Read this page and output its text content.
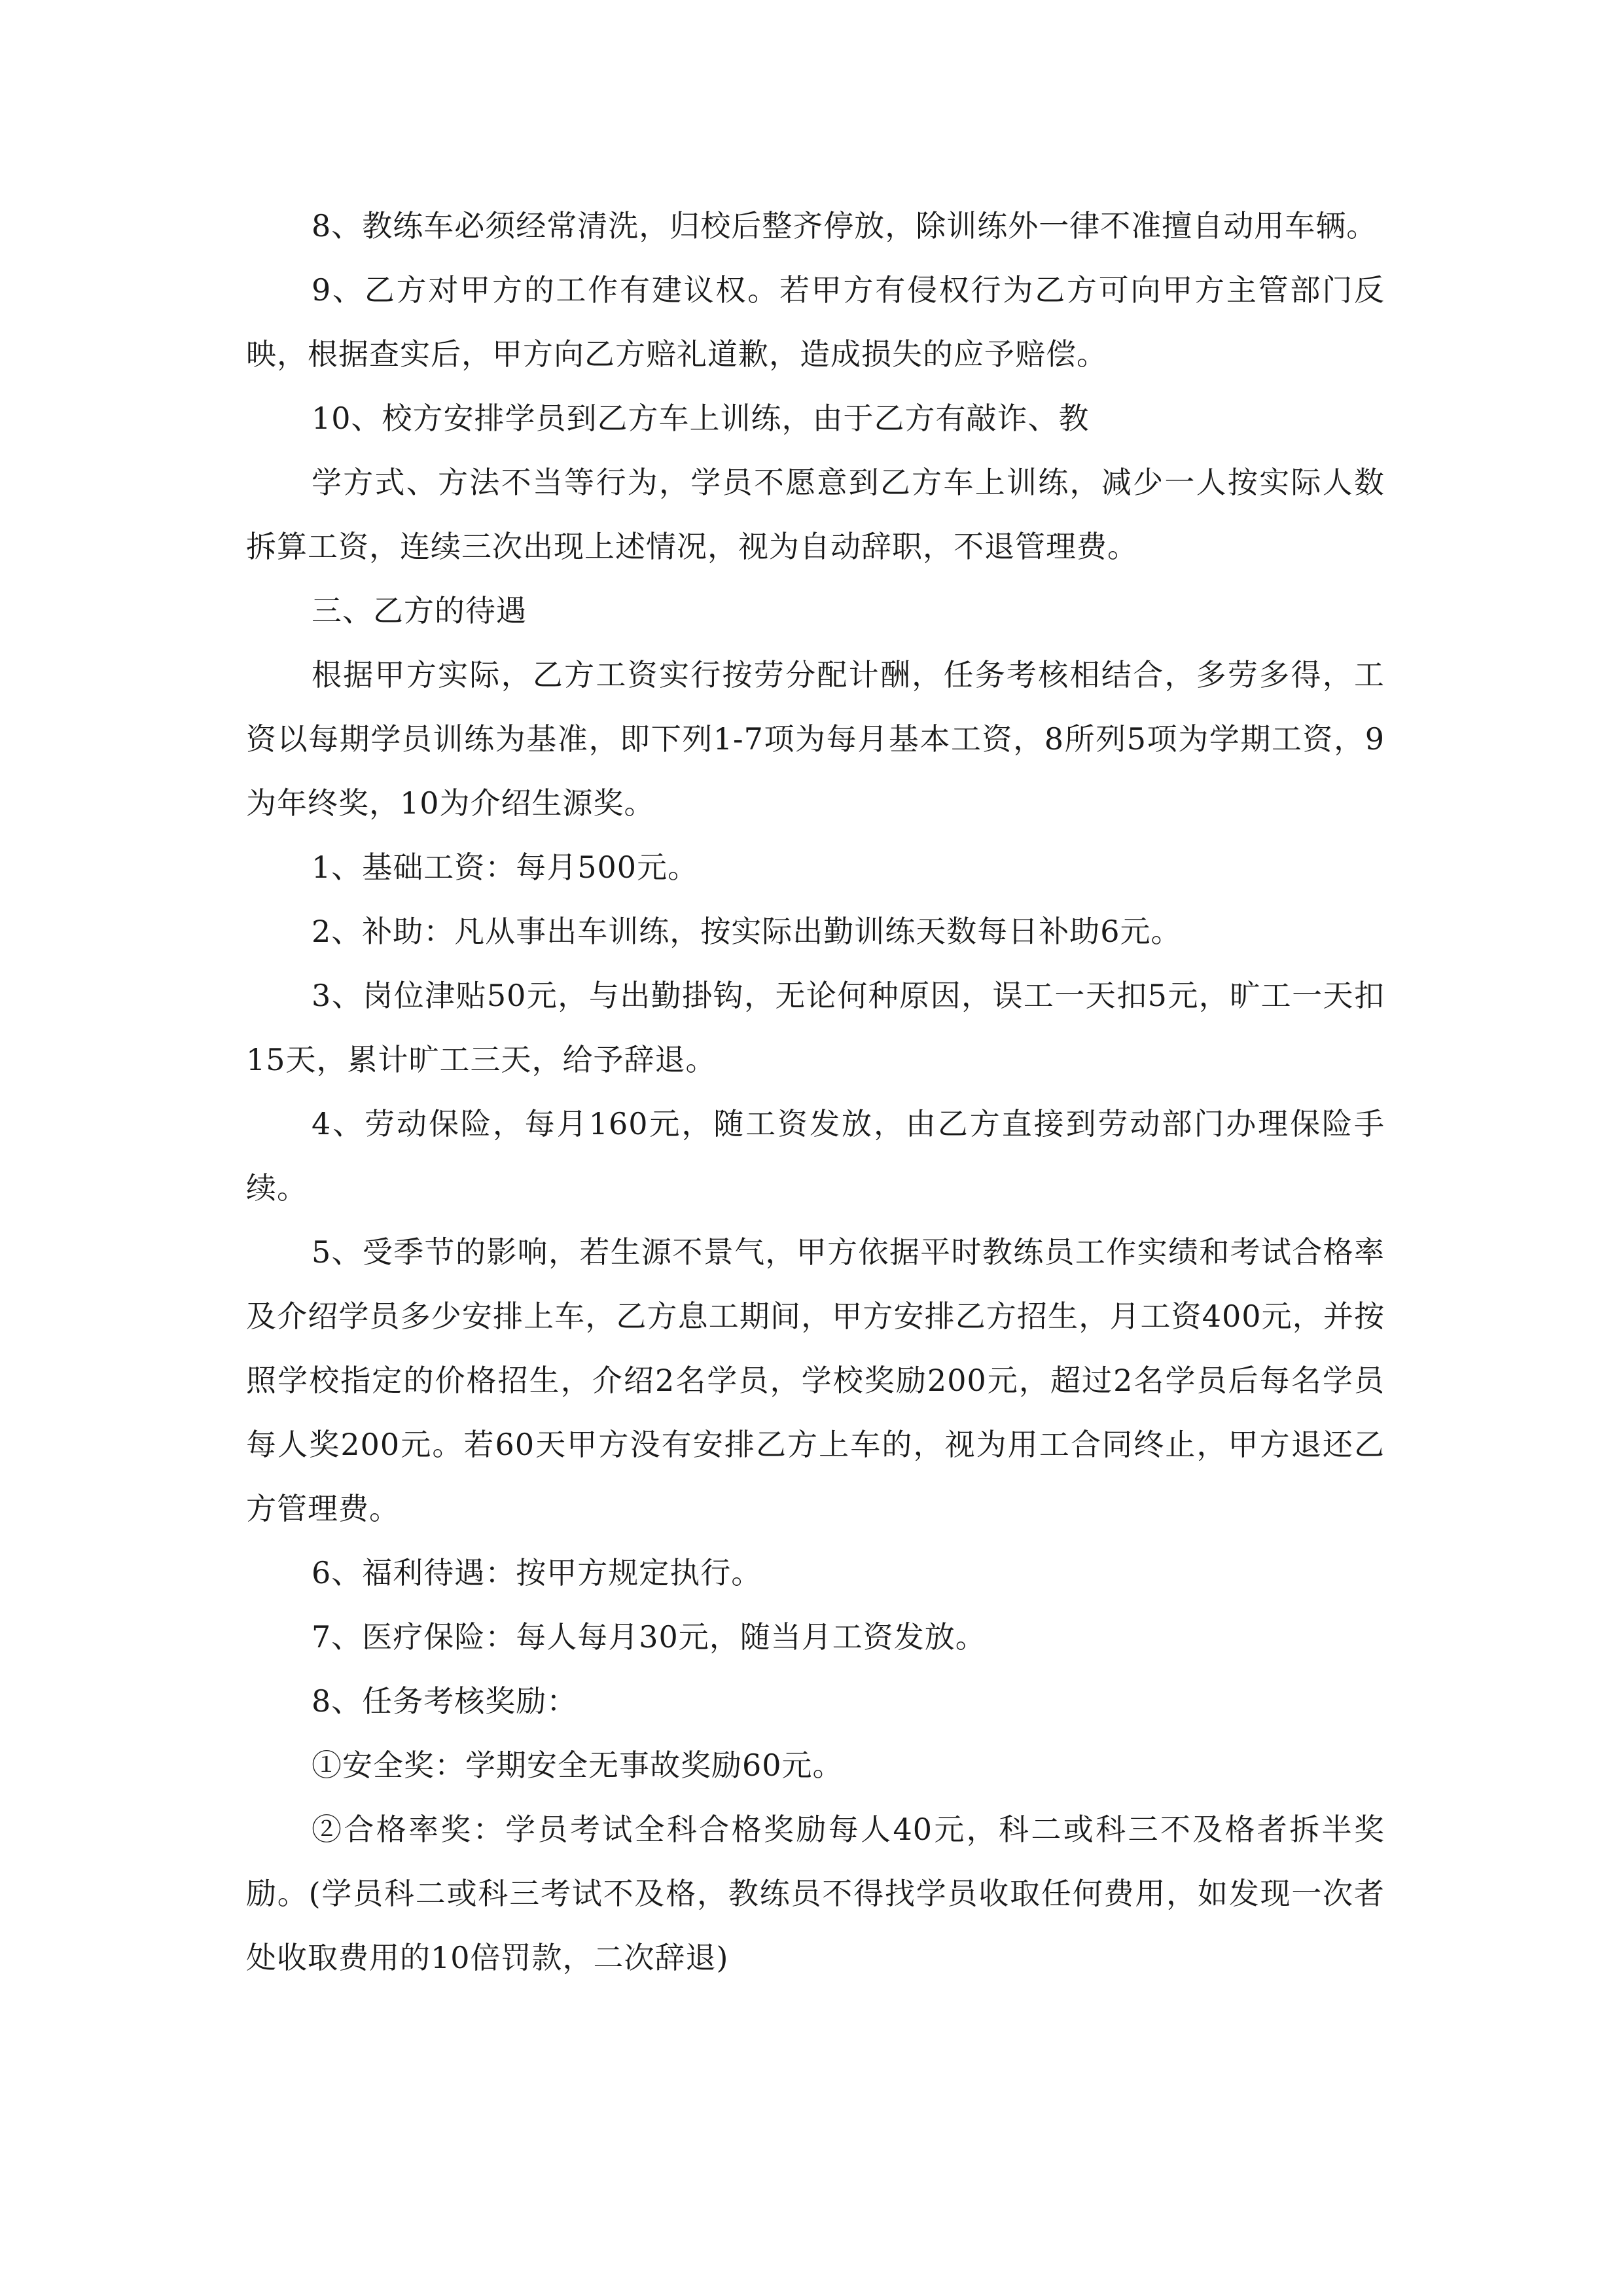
8、教练车必须经常清洗，归校后整齐停放，除训练外一律不准擅自动用车辆。

9、乙方对甲方的工作有建议权。若甲方有侵权行为乙方可向甲方主管部门反映，根据查实后，甲方向乙方赔礼道歉，造成损失的应予赔偿。

10、校方安排学员到乙方车上训练，由于乙方有敲诈、教

学方式、方法不当等行为，学员不愿意到乙方车上训练，减少一人按实际人数拆算工资，连续三次出现上述情况，视为自动辞职，不退管理费。

三、乙方的待遇

根据甲方实际，乙方工资实行按劳分配计酬，任务考核相结合，多劳多得，工资以每期学员训练为基准，即下列1-7项为每月基本工资，8所列5项为学期工资，9为年终奖，10为介绍生源奖。

1、基础工资：每月500元。

2、补助：凡从事出车训练，按实际出勤训练天数每日补助6元。

3、岗位津贴50元，与出勤掛钩，无论何种原因，误工一天扣5元，旷工一天扣15天，累计旷工三天，给予辞退。

4、劳动保险，每月160元，随工资发放，由乙方直接到劳动部门办理保险手续。

5、受季节的影响，若生源不景气，甲方依据平时教练员工作实绩和考试合格率及介绍学员多少安排上车，乙方息工期间，甲方安排乙方招生，月工资400元，并按照学校指定的价格招生，介绍2名学员，学校奖励200元，超过2名学员后每名学员每人奖200元。若60天甲方没有安排乙方上车的，视为用工合同终止，甲方退还乙方管理费。

6、福利待遇：按甲方规定执行。

7、医疗保险：每人每月30元，随当月工资发放。

8、任务考核奖励：

①安全奖：学期安全无事故奖励60元。

②合格率奖：学员考试全科合格奖励每人40元，科二或科三不及格者拆半奖励。(学员科二或科三考试不及格，教练员不得找学员收取任何费用，如发现一次者处收取费用的10倍罚款，二次辞退)
